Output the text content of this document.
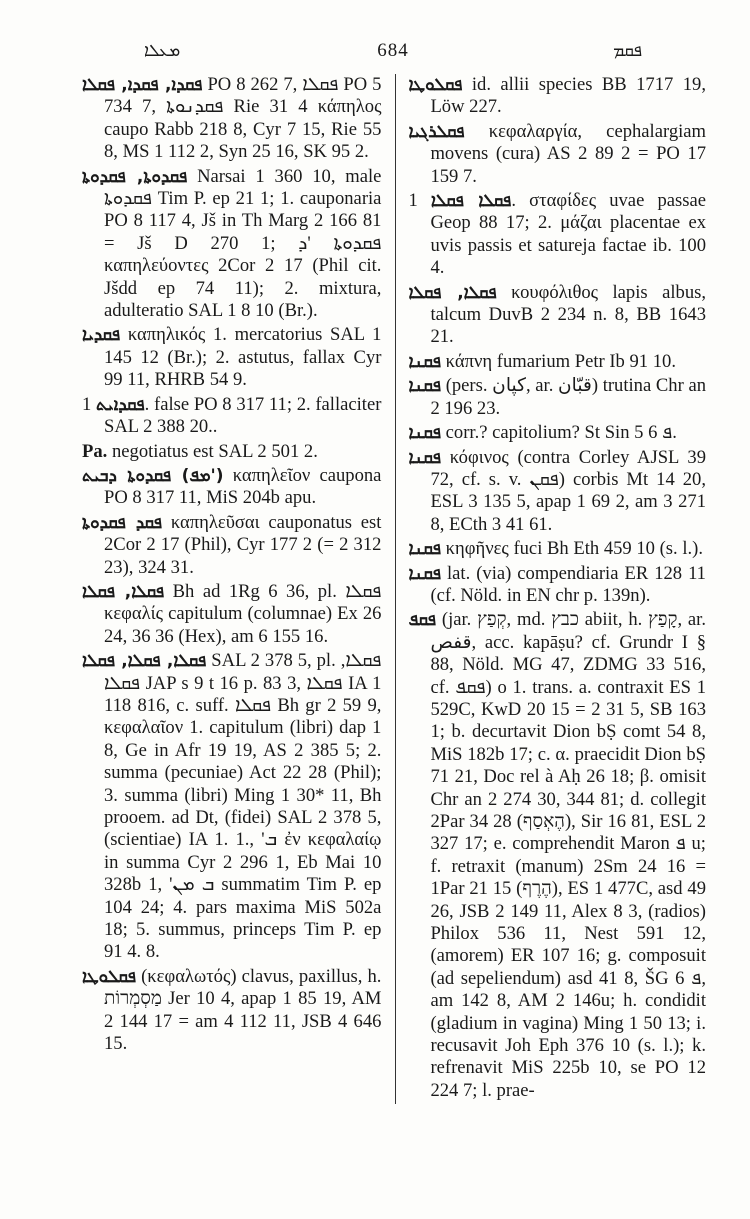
ܡܥܠܐ	684	ܦܩܡ

ܦܩܕܐ, ܦܩܕܐ, ܦܩܠܐ PO 8 262 7, ܦܩܠܐ PO 5 734 7, ܦܩܕܢܘܬܐ Rie 31 4 κάπηλος caupo Rabb 218 8, Cyr 7 15, Rie 55 8, MS 1 112 2, Syn 25 16, SK 95 2.

ܦܩܕܘܬܐ, ܦܩܕܘܬܐ Narsai 1 360 10, male ܦܩܕܘܬܐ Tim P. ep 21 1; 1. cauponaria PO 8 117 4, Jš in Th Marg 2 166 81 = Jš D 270 1; ܦܩܕܘܬܐ 'ܕ καπηλεύοντες 2Cor 2 17 (Phil cit. Jšdd ep 74 11); 2. mixtura, adulteratio SAL 1 8 10 (Br.).

ܦܩܕܝܐ καπηλικός 1. mercatorius SAL 1 145 12 (Br.); 2. astutus, fallax Cyr 99 11, RHRB 54 9.

ܦܩܕܐܝܬ 1. false PO 8 317 11; 2. fallaciter SAL 2 388 20..

Pa. negotiatus est SAL 2 501 2.

('ܡܦ) ܦܩܕܘܬܐ ܕܒܝܬ καπηλεῖον caupona PO 8 317 11, MiS 204b apu.

ܦܩܕ ܦܩܕܘܬܐ καπηλεῦσαι cauponatus est 2Cor 2 17 (Phil), Cyr 177 2 (= 2 312 23), 324 31.

ܦܩܠܐ, ܦܩܠܐ Bh ad 1Rg 6 36, pl. ܦܩܠܐ κεφαλίς capitulum (columnae) Ex 26 24, 36 36 (Hex), am 6 155 16.

ܦܩܠܐ, ܦܩܠܐ, ܦܩܠܐ SAL 2 378 5, pl. ܦܩܠܐ, ܦܩܠܐ JAP s 9 t 16 p. 83 3, ܦܩܠܐ IA 1 118 816, c. suff. ܦܩܠܐ Bh gr 2 59 9, κεφαλαῖον 1. capitulum (libri) dap 1 8, Ge in Afr 19 19, AS 2 385 5; 2. summa (pecuniae) Act 22 28 (Phil); 3. summa (libri) Ming 1 30* 11, Bh prooem. ad Dt, (fidei) SAL 2 378 5, (scientiae) IA 1. 1., 'ܒ ἐν κεφαλαίῳ in summa Cyr 2 296 1, Eb Mai 10 328b 1, 'ܒ ܡܢ summatim Tim P. ep 104 24; 4. pars maxima MiS 502a 18; 5. summus, princeps Tim P. ep 91 4. 8.

ܦܩܠܘܛܐ (κεφαλωτός) clavus, paxillus, h. מַסְמְרוֹת Jer 10 4, apap 1 85 19, AM 2 144 17 = am 4 112 11, JSB 4 646 15.

ܦܩܠܘܛܐ id. allii species BB 1717 19, Löw 227.

ܦܩܠܪܓܝܐ κεφαλαργία, cephalargiam movens (cura) AS 2 89 2 = PO 17 159 7.

ܦܩܠܐ ܦܩܠܐ 1. σταφίδες uvae passae Geop 88 17; 2. μάζαι placentae ex uvis passis et satureja factae ib. 100 4.

ܦܩܠܐ, ܦܩܠܐ κουφόλιθος lapis albus, talcum DuvB 2 234 n. 8, BB 1643 21.

ܦܩܢܐ κάπνη fumarium Petr Ib 91 10.

ܦܩܢܐ (pers. كپان, ar. قبّان) trutina Chr an 2 196 23.

ܦܩܢܐ corr.? capitolium? St Sin 5 ܦ 6.

ܦܩܢܐ κόφινος (contra Corley AJSL 39 72, cf. s. v. ܦܩܢ) corbis Mt 14 20, ESL 3 135 5, apap 1 69 2, am 3 271 8, ECth 3 41 61.

ܦܩܢܐ κηφῆνες fuci Bh Eth 459 10 (s. l.).

ܦܩܢܐ lat. (via) compendiaria ER 128 11 (cf. Nöld. in EN chr p. 139n).

ܦܩܦ (jar. קְפַץ, md. כבץ abiit, h. קָפַץ, ar. قفص, acc. kapāṣu? cf. Grundr I § 88, Nöld. MG 47, ZDMG 33 516, cf. ܦܩܦ) o 1. trans. a. contraxit ES 1 529C, KwD 20 15 = 2 31 5, SB 163 1; b. decurtavit Dion bṢ comt 54 8, MiS 182b 17; c. α. praecidit Dion bṢ 71 21, Doc rel à Aḥ 26 18; β. omisit Chr an 2 274 30, 344 81; d. collegit 2Par 34 28 (הֶאְסַף), Sir 16 81, ESL 2 327 17; e. comprehendit Maron ܦ u; f. retraxit (manum) 2Sm 24 16 = 1Par 21 15 (הֶרֶף), ES 1 477C, asd 49 26, JSB 2 149 11, Alex 8 3, (radios) Philox 536 11, Nest 591 12, (amorem) ER 107 16; g. composuit (ad sepeliendum) asd 41 8, ŠG ܦ 6, am 142 8, AM 2 146u; h. condidit (gladium in vagina) Ming 1 50 13; i. recusavit Joh Eph 376 10 (s. l.); k. refrenavit MiS 225b 10, se PO 12 224 7; l. prae-
